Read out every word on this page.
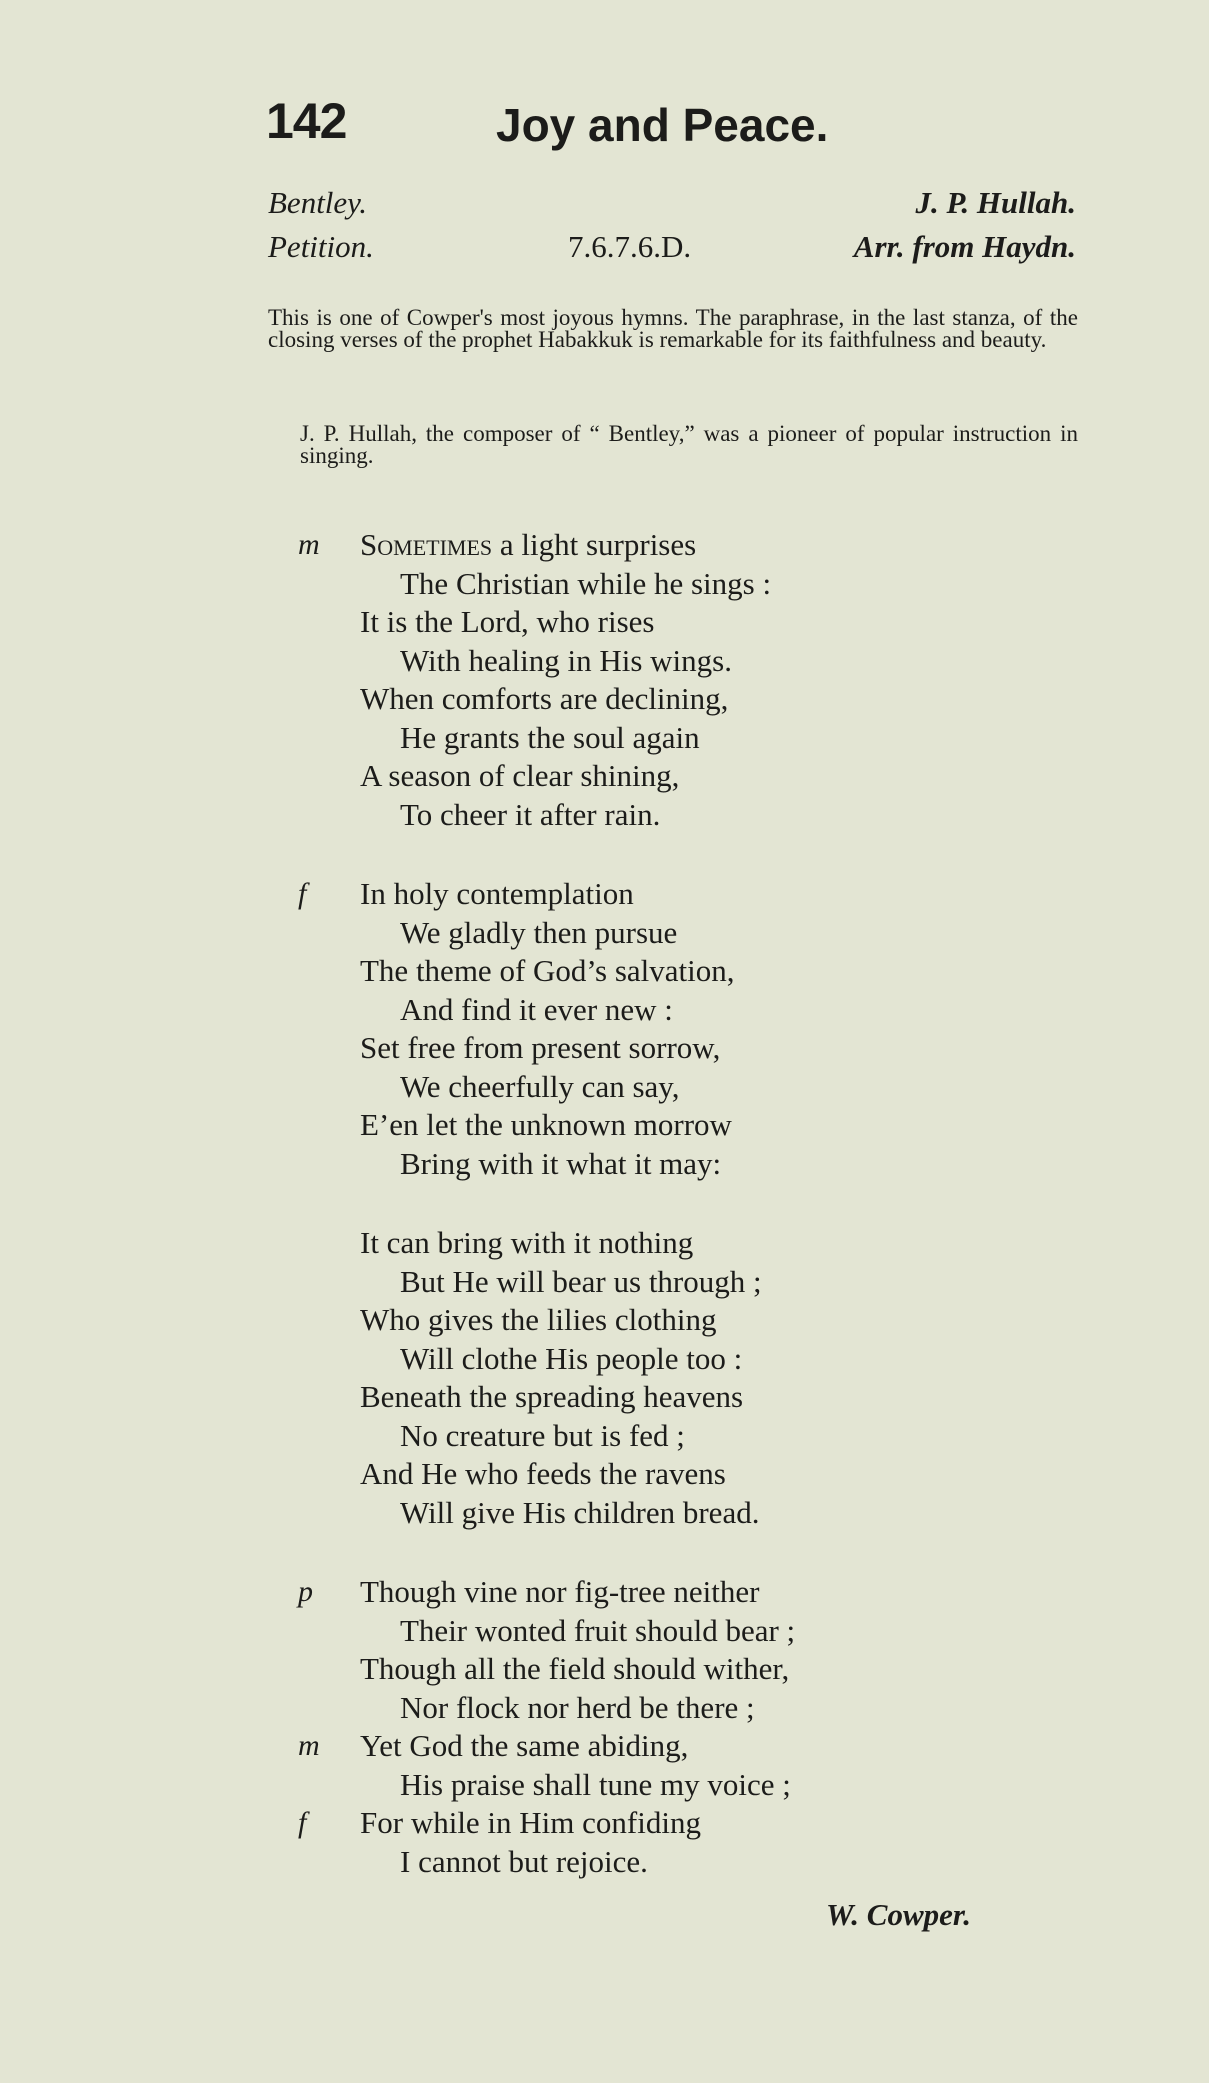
142	Joy and Peace.
Bentley.	J. P. Hullah.
Petition.	7.6.7.6.D.	Arr. from Haydn.
This is one of Cowper's most joyous hymns. The paraphrase, in the last stanza, of the closing verses of the prophet Habakkuk is remarkable for its faithfulness and beauty.
J. P. Hullah, the composer of “ Bentley,” was a pioneer of popular instruction in singing.
m Sometimes a light surprises
The Christian while he sings :
It is the Lord, who rises
With healing in His wings.
When comforts are declining,
He grants the soul again
A season of clear shining,
To cheer it after rain.
f In holy contemplation
We gladly then pursue
The theme of God’s salvation,
And find it ever new :
Set free from present sorrow,
We cheerfully can say,
E’en let the unknown morrow
Bring with it what it may:
It can bring with it nothing
But He will bear us through ;
Who gives the lilies clothing
Will clothe His people too :
Beneath the spreading heavens
No creature but is fed ;
And He who feeds the ravens
Will give His children bread.
p Though vine nor fig-tree neither
Their wonted fruit should bear ;
Though all the field should wither,
Nor flock nor herd be there ;
m Yet God the same abiding,
His praise shall tune my voice ;
f For while in Him confiding
I cannot but rejoice.
W. Cowper.
